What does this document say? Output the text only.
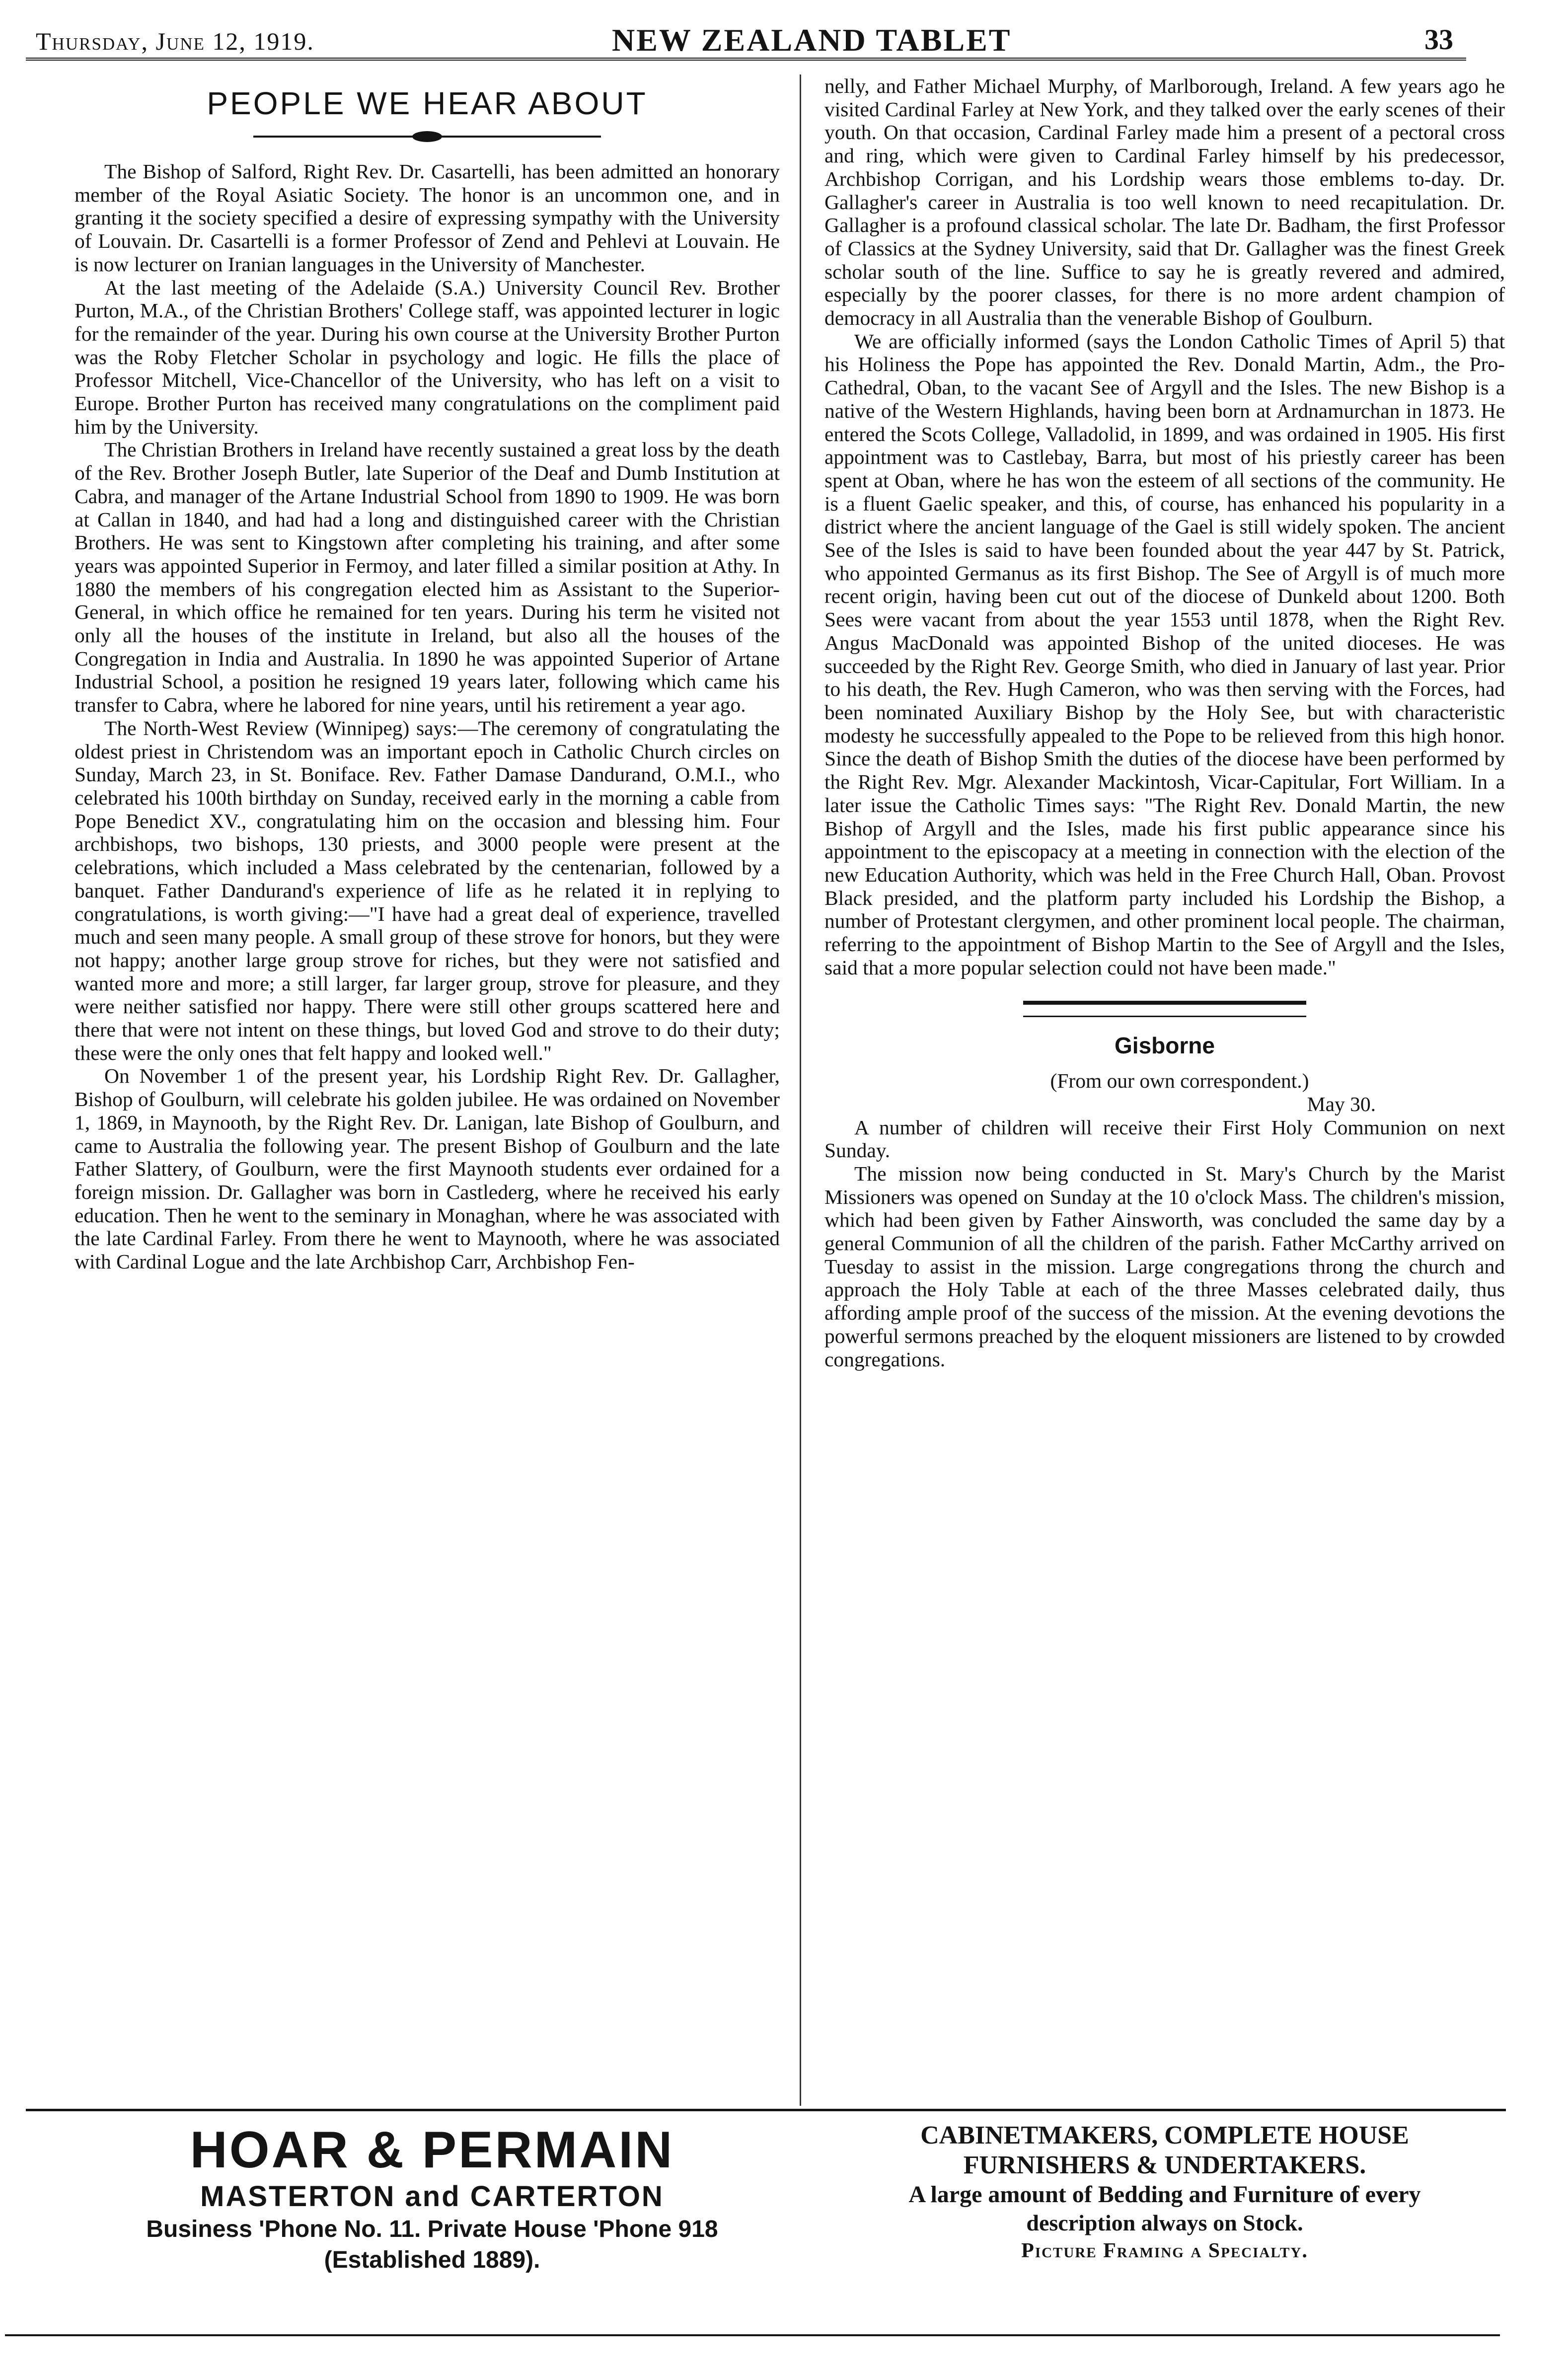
Thursday, June 12, 1919.	NEW ZEALAND TABLET	33
PEOPLE WE HEAR ABOUT

The Bishop of Salford, Right Rev. Dr. Casartelli, has been admitted an honorary member of the Royal Asiatic Society. The honor is an uncommon one, and in granting it the society specified a desire of expressing sympathy with the University of Louvain. Dr. Casartelli is a former Professor of Zend and Pehlevi at Louvain. He is now lecturer on Iranian languages in the University of Manchester.

At the last meeting of the Adelaide (S.A.) University Council Rev. Brother Purton, M.A., of the Christian Brothers' College staff, was appointed lecturer in logic for the remainder of the year. During his own course at the University Brother Purton was the Roby Fletcher Scholar in psychology and logic. He fills the place of Professor Mitchell, Vice-Chancellor of the University, who has left on a visit to Europe. Brother Purton has received many congratulations on the compliment paid him by the University.

The Christian Brothers in Ireland have recently sustained a great loss by the death of the Rev. Brother Joseph Butler, late Superior of the Deaf and Dumb Institution at Cabra, and manager of the Artane Industrial School from 1890 to 1909. He was born at Callan in 1840, and had had a long and distinguished career with the Christian Brothers. He was sent to Kingstown after completing his training, and after some years was appointed Superior in Fermoy, and later filled a similar position at Athy. In 1880 the members of his congregation elected him as Assistant to the Superior-General, in which office he remained for ten years. During his term he visited not only all the houses of the institute in Ireland, but also all the houses of the Congregation in India and Australia. In 1890 he was appointed Superior of Artane Industrial School, a position he resigned 19 years later, following which came his transfer to Cabra, where he labored for nine years, until his retirement a year ago.

The North-West Review (Winnipeg) says:—The ceremony of congratulating the oldest priest in Christendom was an important epoch in Catholic Church circles on Sunday, March 23, in St. Boniface. Rev. Father Damase Dandurand, O.M.I., who celebrated his 100th birthday on Sunday, received early in the morning a cable from Pope Benedict XV., congratulating him on the occasion and blessing him. Four archbishops, two bishops, 130 priests, and 3000 people were present at the celebrations, which included a Mass celebrated by the centenarian, followed by a banquet. Father Dandurand's experience of life as he related it in replying to congratulations, is worth giving:—"I have had a great deal of experience, travelled much and seen many people. A small group of these strove for honors, but they were not happy; another large group strove for riches, but they were not satisfied and wanted more and more; a still larger, far larger group, strove for pleasure, and they were neither satisfied nor happy. There were still other groups scattered here and there that were not intent on these things, but loved God and strove to do their duty; these were the only ones that felt happy and looked well."

On November 1 of the present year, his Lordship Right Rev. Dr. Gallagher, Bishop of Goulburn, will celebrate his golden jubilee. He was ordained on November 1, 1869, in Maynooth, by the Right Rev. Dr. Lanigan, late Bishop of Goulburn, and came to Australia the following year. The present Bishop of Goulburn and the late Father Slattery, of Goulburn, were the first Maynooth students ever ordained for a foreign mission. Dr. Gallagher was born in Castlederg, where he received his early education. Then he went to the seminary in Monaghan, where he was associated with the late Cardinal Farley. From there he went to Maynooth, where he was associated with Cardinal Logue and the late Archbishop Carr, Archbishop Fen-

nelly, and Father Michael Murphy, of Marlborough, Ireland. A few years ago he visited Cardinal Farley at New York, and they talked over the early scenes of their youth. On that occasion, Cardinal Farley made him a present of a pectoral cross and ring, which were given to Cardinal Farley himself by his predecessor, Archbishop Corrigan, and his Lordship wears those emblems to-day. Dr. Gallagher's career in Australia is too well known to need recapitulation. Dr. Gallagher is a profound classical scholar. The late Dr. Badham, the first Professor of Classics at the Sydney University, said that Dr. Gallagher was the finest Greek scholar south of the line. Suffice to say he is greatly revered and admired, especially by the poorer classes, for there is no more ardent champion of democracy in all Australia than the venerable Bishop of Goulburn.

We are officially informed (says the London Catholic Times of April 5) that his Holiness the Pope has appointed the Rev. Donald Martin, Adm., the Pro-Cathedral, Oban, to the vacant See of Argyll and the Isles. The new Bishop is a native of the Western Highlands, having been born at Ardnamurchan in 1873. He entered the Scots College, Valladolid, in 1899, and was ordained in 1905. His first appointment was to Castlebay, Barra, but most of his priestly career has been spent at Oban, where he has won the esteem of all sections of the community. He is a fluent Gaelic speaker, and this, of course, has enhanced his popularity in a district where the ancient language of the Gael is still widely spoken. The ancient See of the Isles is said to have been founded about the year 447 by St. Patrick, who appointed Germanus as its first Bishop. The See of Argyll is of much more recent origin, having been cut out of the diocese of Dunkeld about 1200. Both Sees were vacant from about the year 1553 until 1878, when the Right Rev. Angus MacDonald was appointed Bishop of the united dioceses. He was succeeded by the Right Rev. George Smith, who died in January of last year. Prior to his death, the Rev. Hugh Cameron, who was then serving with the Forces, had been nominated Auxiliary Bishop by the Holy See, but with characteristic modesty he successfully appealed to the Pope to be relieved from this high honor. Since the death of Bishop Smith the duties of the diocese have been performed by the Right Rev. Mgr. Alexander Mackintosh, Vicar-Capitular, Fort William. In a later issue the Catholic Times says: "The Right Rev. Donald Martin, the new Bishop of Argyll and the Isles, made his first public appearance since his appointment to the episcopacy at a meeting in connection with the election of the new Education Authority, which was held in the Free Church Hall, Oban. Provost Black presided, and the platform party included his Lordship the Bishop, a number of Protestant clergymen, and other prominent local people. The chairman, referring to the appointment of Bishop Martin to the See of Argyll and the Isles, said that a more popular selection could not have been made."

Gisborne

(From our own correspondent.)

May 30.

A number of children will receive their First Holy Communion on next Sunday.

The mission now being conducted in St. Mary's Church by the Marist Missioners was opened on Sunday at the 10 o'clock Mass. The children's mission, which had been given by Father Ainsworth, was concluded the same day by a general Communion of all the children of the parish. Father McCarthy arrived on Tuesday to assist in the mission. Large congregations throng the church and approach the Holy Table at each of the three Masses celebrated daily, thus affording ample proof of the success of the mission. At the evening devotions the powerful sermons preached by the eloquent missioners are listened to by crowded congregations.

HOAR & PERMAIN
MASTERTON and CARTERTON
Business 'Phone No. 11. Private House 'Phone 918
(Established 1889).
CABINETMAKERS, COMPLETE HOUSE
FURNISHERS & UNDERTAKERS.
A large amount of Bedding and Furniture of every
description always on Stock.
Picture Framing a Specialty.
